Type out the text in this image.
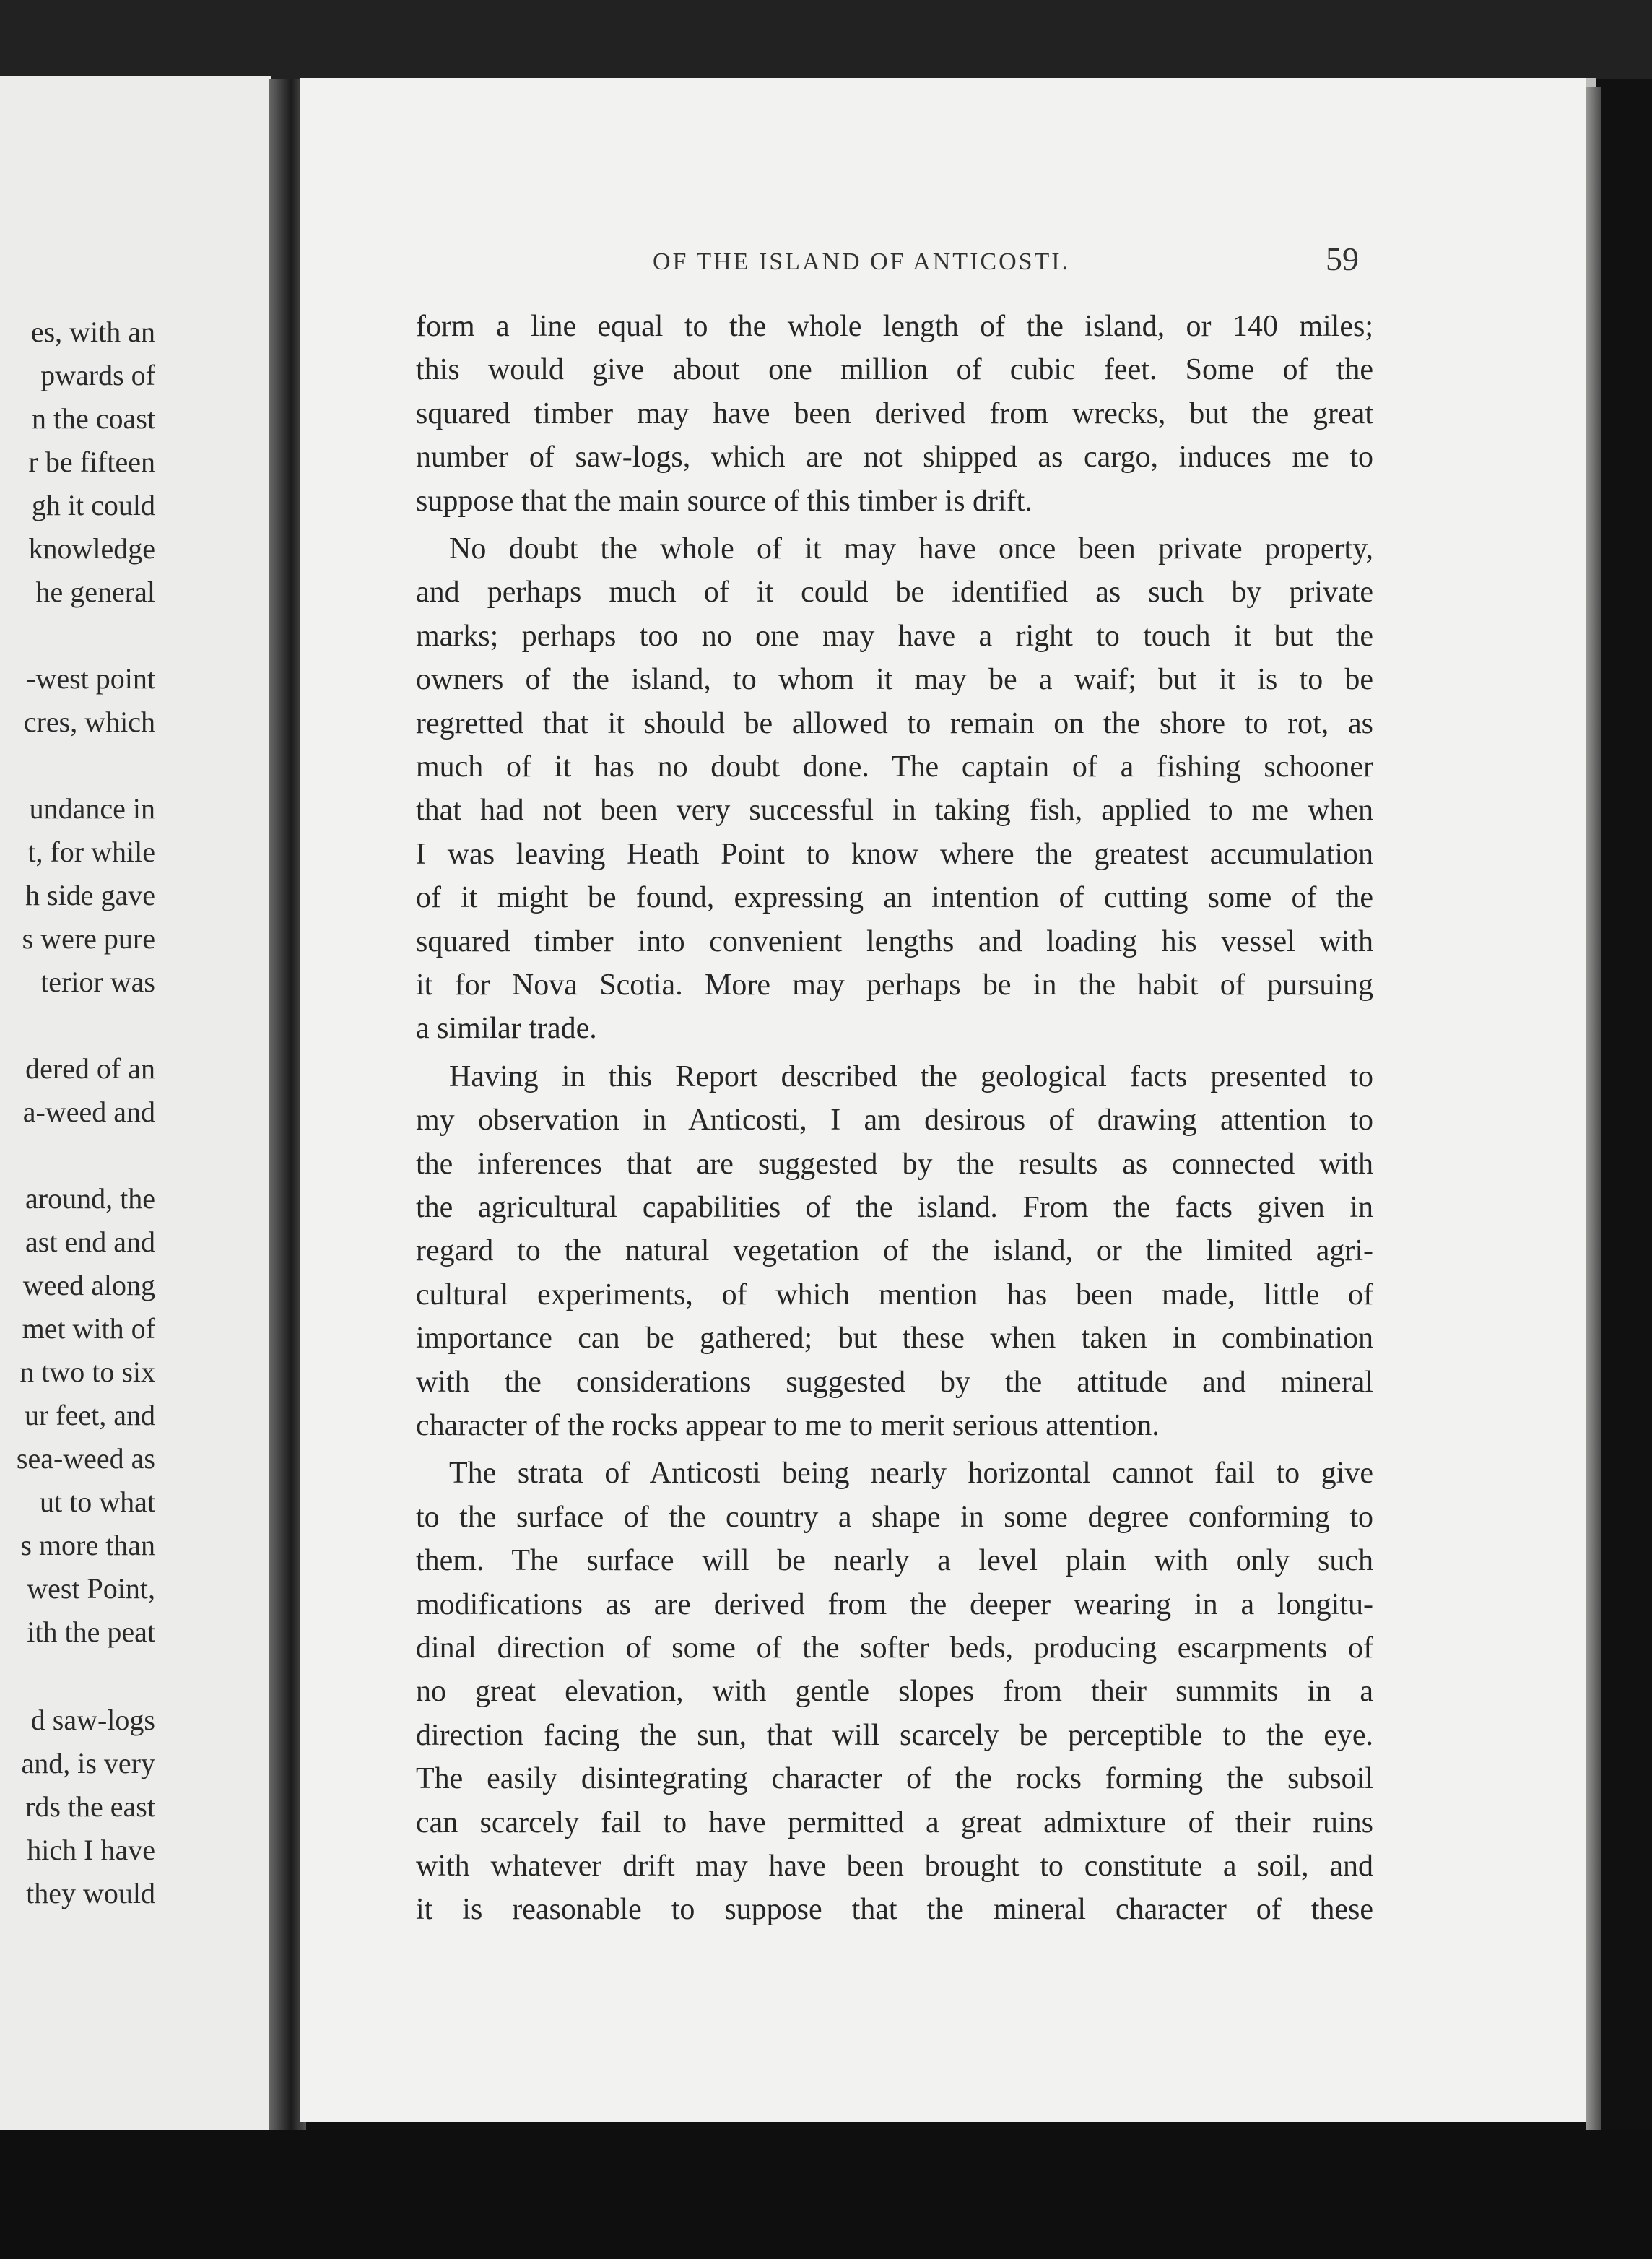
es, with an
pwards of
n the coast
r be fifteen
gh it could
knowledge
he general
-west point
cres, which
undance in
t, for while
h side gave
s were pure
terior was
dered of an
a-weed and
around, the
ast end and
weed along
met with of
n two to six
ur feet, and
sea-weed as
ut to what
s more than
west Point,
ith the peat
d saw-logs
and, is very
rds the east
hich I have
they would
OF THE ISLAND OF ANTICOSTI.	59
form a line equal to the whole length of the island, or 140 miles;
this would give about one million of cubic feet. Some of the
squared timber may have been derived from wrecks, but the great
number of saw-logs, which are not shipped as cargo, induces me to
suppose that the main source of this timber is drift.
No doubt the whole of it may have once been private property,
and perhaps much of it could be identified as such by private
marks; perhaps too no one may have a right to touch it but the
owners of the island, to whom it may be a waif; but it is to be
regretted that it should be allowed to remain on the shore to rot, as
much of it has no doubt done. The captain of a fishing schooner
that had not been very successful in taking fish, applied to me when
I was leaving Heath Point to know where the greatest accumulation
of it might be found, expressing an intention of cutting some of the
squared timber into convenient lengths and loading his vessel with
it for Nova Scotia. More may perhaps be in the habit of pursuing
a similar trade.
Having in this Report described the geological facts presented to
my observation in Anticosti, I am desirous of drawing attention to
the inferences that are suggested by the results as connected with
the agricultural capabilities of the island. From the facts given in
regard to the natural vegetation of the island, or the limited agri-
cultural experiments, of which mention has been made, little of
importance can be gathered; but these when taken in combination
with the considerations suggested by the attitude and mineral
character of the rocks appear to me to merit serious attention.
The strata of Anticosti being nearly horizontal cannot fail to give
to the surface of the country a shape in some degree conforming to
them. The surface will be nearly a level plain with only such
modifications as are derived from the deeper wearing in a longitu-
dinal direction of some of the softer beds, producing escarpments of
no great elevation, with gentle slopes from their summits in a
direction facing the sun, that will scarcely be perceptible to the eye.
The easily disintegrating character of the rocks forming the subsoil
can scarcely fail to have permitted a great admixture of their ruins
with whatever drift may have been brought to constitute a soil, and
it is reasonable to suppose that the mineral character of these
